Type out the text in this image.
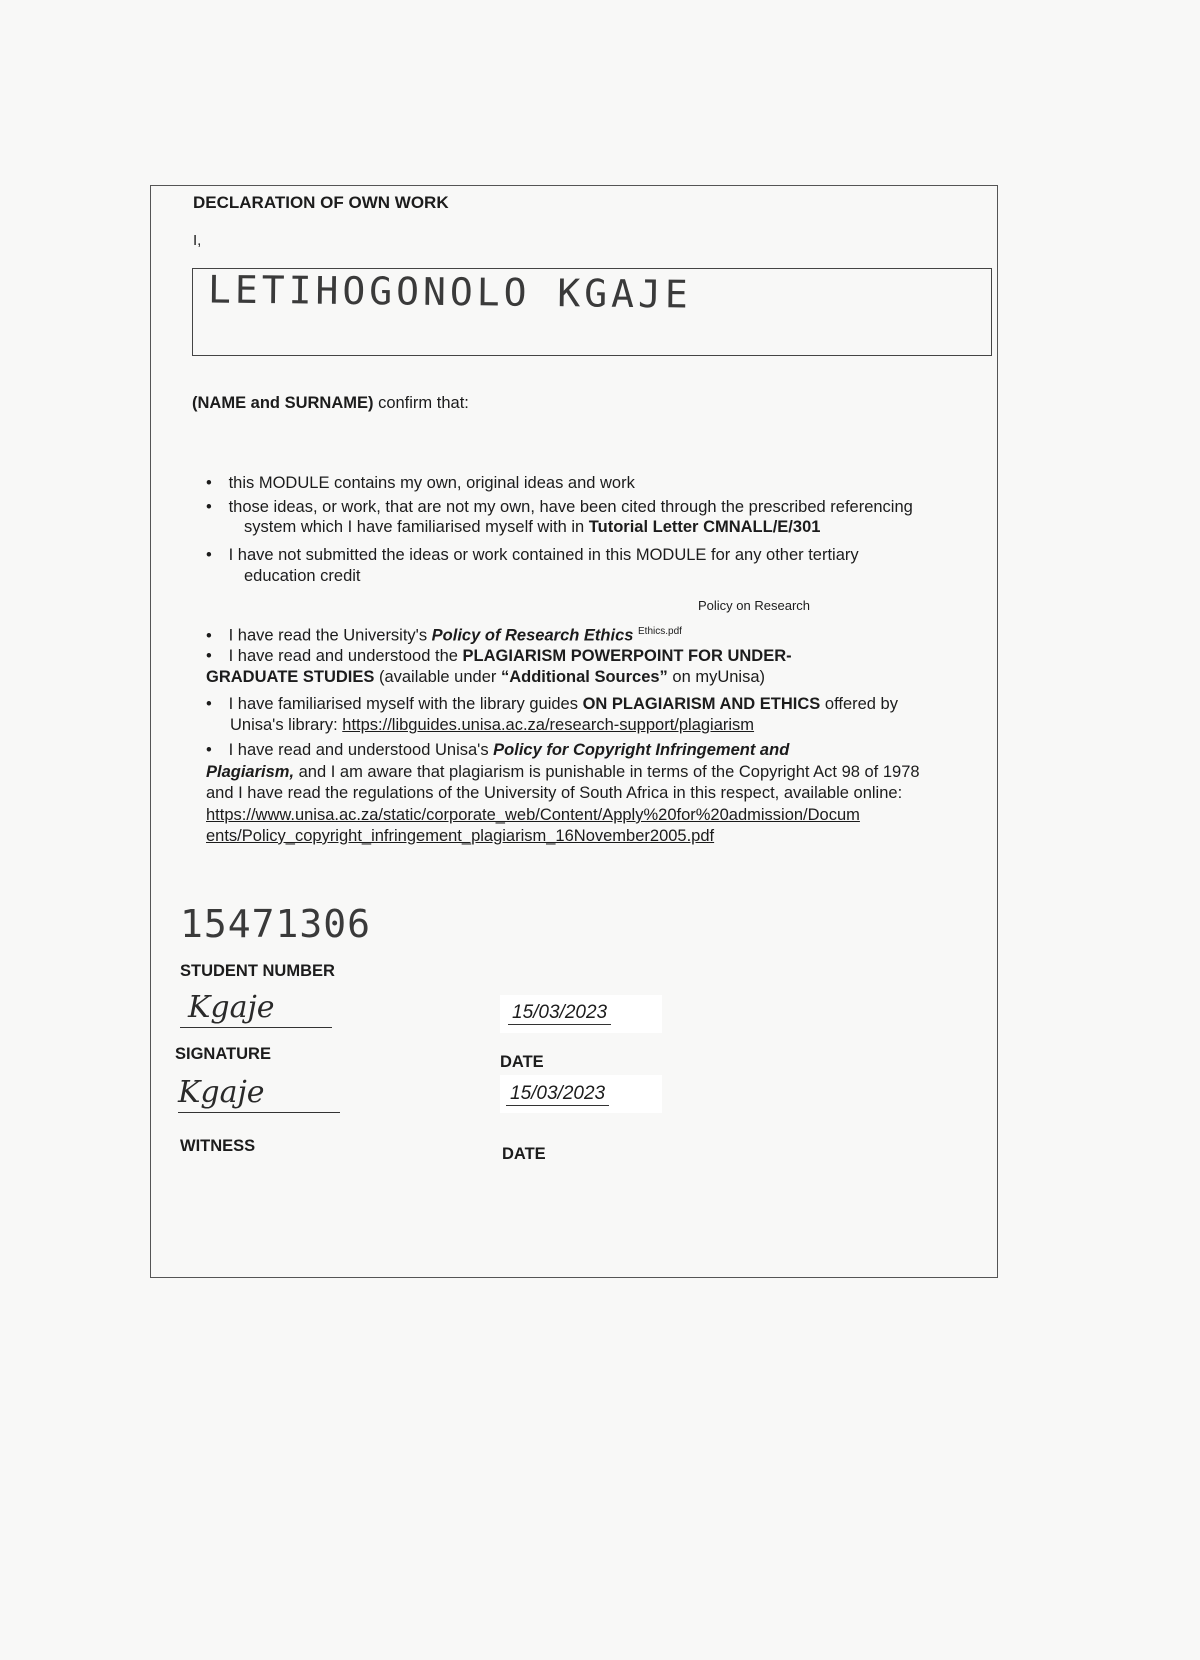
DECLARATION OF OWN WORK
I,
LETIHOGONOLO KGAJE
(NAME and SURNAME) confirm that:
• this MODULE contains my own, original ideas and work
• those ideas, or work, that are not my own, have been cited through the prescribed referencing
system which I have familiarised myself with in Tutorial Letter CMNALL/E/301
• I have not submitted the ideas or work contained in this MODULE for any other tertiary
education credit
Policy on Research
• I have read the University's Policy of Research Ethics $^{Ethics.pdf}$
• I have read and understood the PLAGIARISM POWERPOINT FOR UNDER-
GRADUATE STUDIES (available under “Additional Sources” on myUnisa)
• I have familiarised myself with the library guides ON PLAGIARISM AND ETHICS offered by
Unisa's library: https://libguides.unisa.ac.za/research-support/plagiarism
• I have read and understood Unisa's Policy for Copyright Infringement and
Plagiarism, and I am aware that plagiarism is punishable in terms of the Copyright Act 98 of 1978
and I have read the regulations of the University of South Africa in this respect, available online:
https://www.unisa.ac.za/static/corporate_web/Content/Apply%20for%20admission/Docum
ents/Policy_copyright_infringement_plagiarism_16November2005.pdf
15471306
STUDENT NUMBER
Kgaje
SIGNATURE
15/03/2023
DATE
Kgaje
WITNESS
15/03/2023
DATE
